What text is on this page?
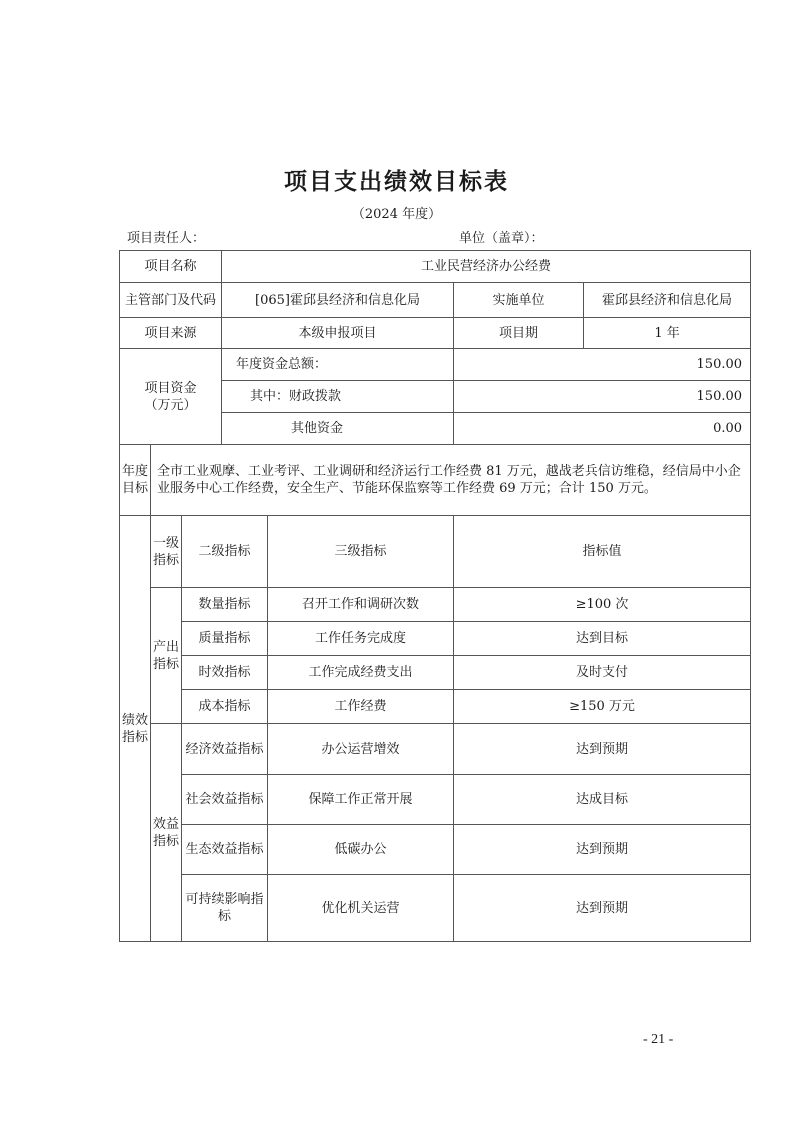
项目支出绩效目标表
（2024 年度）
项目责任人：	单位（盖章）：
项目名称			工业民营经济办公经费			
主管部门及代码			[065]霍邱县经济和信息化局		实施单位	霍邱县经济和信息化局
项目来源			本级申报项目		项目期	1 年

项目资金
（万元）			年度资金总额：		150.00	
			其中：财政拨款		150.00	
			其他资金		0.00	
年度目标	全市工业观摩、工业考评、工业调研和经济运行工作经费 81 万元，越战老兵信访维稳，经信局中小企业服务中心工作经费，安全生产、节能环保监察等工作经费 69 万元；合计 150 万元。					
绩效指标	一级指标	二级指标		三级指标	指标值	
	产出指标	数量指标		召开工作和调研次数	≥100 次	
		质量指标		工作任务完成度	达到目标	
		时效指标		工作完成经费支出	及时支付	
		成本指标		工作经费	≥150 万元	
	效益指标	经济效益指标		办公运营增效	达到预期	
		社会效益指标		保障工作正常开展	达成目标	
		生态效益指标		低碳办公	达到预期	
		可持续影响指标		优化机关运营	达到预期	
- 21 -
